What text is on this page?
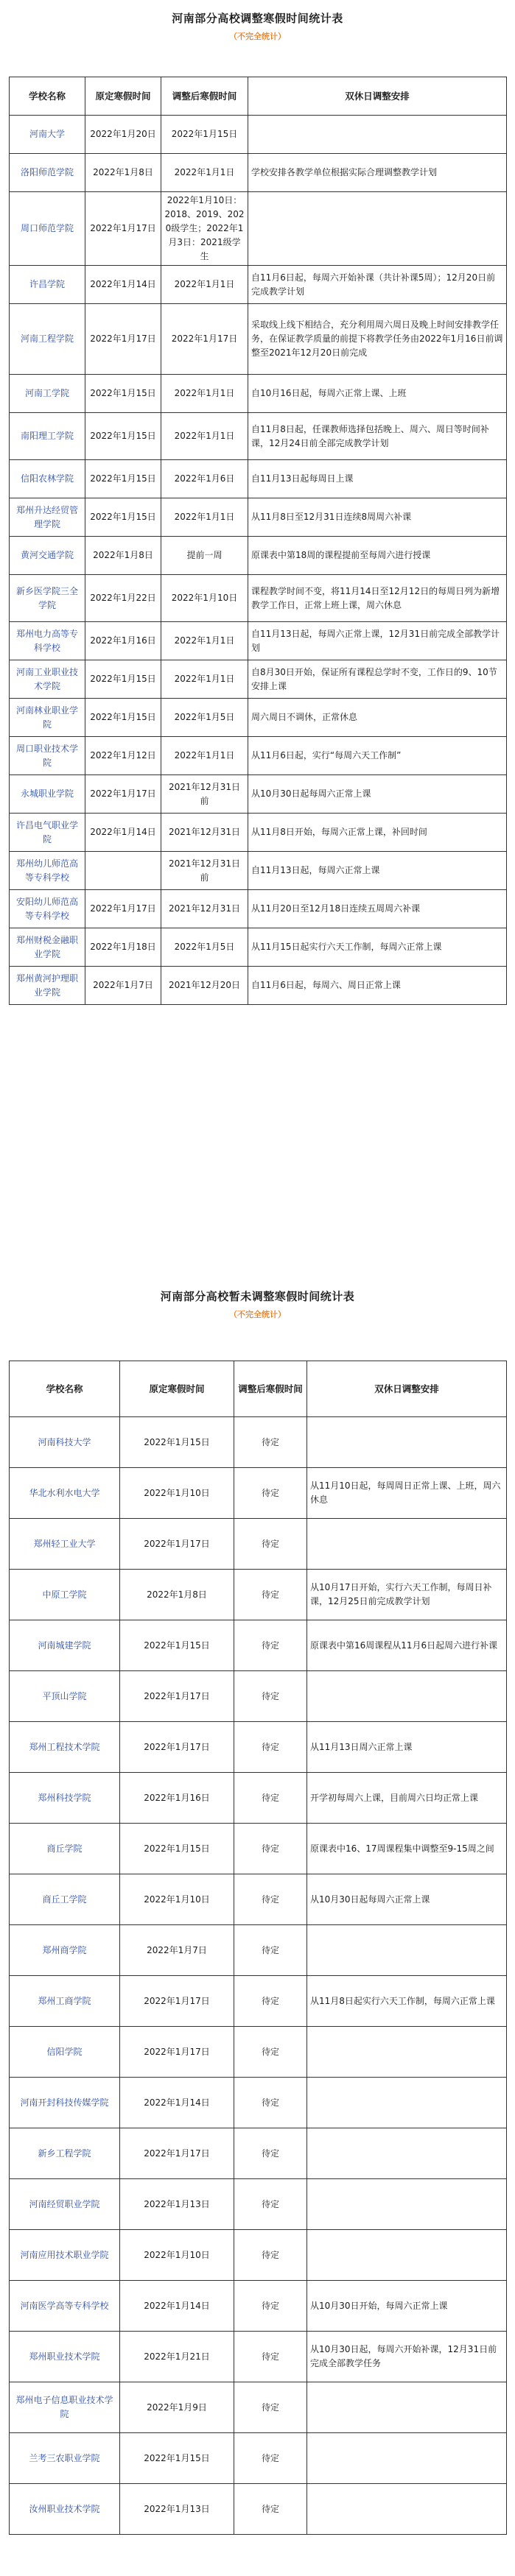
河南部分高校调整寒假时间统计表
（不完全统计）
学校名称	原定寒假时间	调整后寒假时间	双休日调整安排
河南大学	2022年1月20日	2022年1月15日	
洛阳师范学院	2022年1月8日	2022年1月1日	学校安排各教学单位根据实际合理调整教学计划
周口师范学院	2022年1月17日	2022年1月10日：2018、2019、2020级学生；2022年1月3日：2021级学生	
许昌学院	2022年1月14日	2022年1月1日	自11月6日起，每周六开始补课（共计补课5周）；12月20日前完成教学计划
河南工程学院	2022年1月17日	2022年1月17日	采取线上线下相结合，充分利用周六周日及晚上时间安排教学任务，在保证教学质量的前提下将教学任务由2022年1月16日前调整至2021年12月20日前完成
河南工学院	2022年1月15日	2022年1月1日	自10月16日起，每周六正常上课、上班
南阳理工学院	2022年1月15日	2022年1月1日	自11月8日起，任课教师选择包括晚上、周六、周日等时间补课，12月24日前全部完成教学计划
信阳农林学院	2022年1月15日	2022年1月6日	自11月13日起每周日上课
郑州升达经贸管理学院	2022年1月15日	2022年1月1日	从11月8日至12月31日连续8周周六补课
黄河交通学院	2022年1月8日	提前一周	原课表中第18周的课程提前至每周六进行授课
新乡医学院三全学院	2022年1月22日	2022年1月10日	课程教学时间不变，将11月14日至12月12日的每周日列为新增教学工作日，正常上班上课，周六休息
郑州电力高等专科学校	2022年1月16日	2022年1月1日	自11月13日起，每周六正常上课，12月31日前完成全部教学计划
河南工业职业技术学院	2022年1月15日	2022年1月1日	自8月30日开始，保证所有课程总学时不变，工作日的9、10节安排上课
河南林业职业学院	2022年1月15日	2022年1月5日	周六周日不调休，正常休息
周口职业技术学院	2022年1月12日	2022年1月1日	从11月6日起，实行“每周六天工作制”
永城职业学院	2022年1月17日	2021年12月31日前	从10月30日起每周六正常上课
许昌电气职业学院	2022年1月14日	2021年12月31日	从11月8日开始，每周六正常上课，补回时间
郑州幼儿师范高等专科学校		2021年12月31日前	自11月13日起，每周六正常上课
安阳幼儿师范高等专科学校	2022年1月17日	2021年12月31日	从11月20日至12月18日连续五周周六补课
郑州财税金融职业学院	2022年1月18日	2022年1月5日	从11月15日起实行六天工作制，每周六正常上课
郑州黄河护理职业学院	2022年1月7日	2021年12月20日	自11月6日起，每周六、周日正常上课
河南部分高校暂未调整寒假时间统计表
（不完全统计）
学校名称	原定寒假时间	调整后寒假时间	双休日调整安排
河南科技大学	2022年1月15日	待定	
华北水利水电大学	2022年1月10日	待定	从11月10日起，每周周日正常上课、上班，周六休息
郑州轻工业大学	2022年1月17日	待定	
中原工学院	2022年1月8日	待定	从10月17日开始，实行六天工作制，每周日补课，12月25日前完成教学计划
河南城建学院	2022年1月15日	待定	原课表中第16周课程从11月6日起周六进行补课
平顶山学院	2022年1月17日	待定	
郑州工程技术学院	2022年1月17日	待定	从11月13日周六正常上课
郑州科技学院	2022年1月16日	待定	开学初每周六上课，目前周六日均正常上课
商丘学院	2022年1月15日	待定	原课表中16、17周课程集中调整至9-15周之间
商丘工学院	2022年1月10日	待定	从10月30日起每周六正常上课
郑州商学院	2022年1月7日	待定	
郑州工商学院	2022年1月17日	待定	从11月8日起实行六天工作制，每周六正常上课
信阳学院	2022年1月17日	待定	
河南开封科技传媒学院	2022年1月14日	待定	
新乡工程学院	2022年1月17日	待定	
河南经贸职业学院	2022年1月13日	待定	
河南应用技术职业学院	2022年1月10日	待定	
河南医学高等专科学校	2022年1月14日	待定	从10月30日开始，每周六正常上课
郑州职业技术学院	2022年1月21日	待定	从10月30日起，每周六开始补课，12月31日前完成全部教学任务
郑州电子信息职业技术学院	2022年1月9日	待定	
兰考三农职业学院	2022年1月15日	待定	
汝州职业技术学院	2022年1月13日	待定	
